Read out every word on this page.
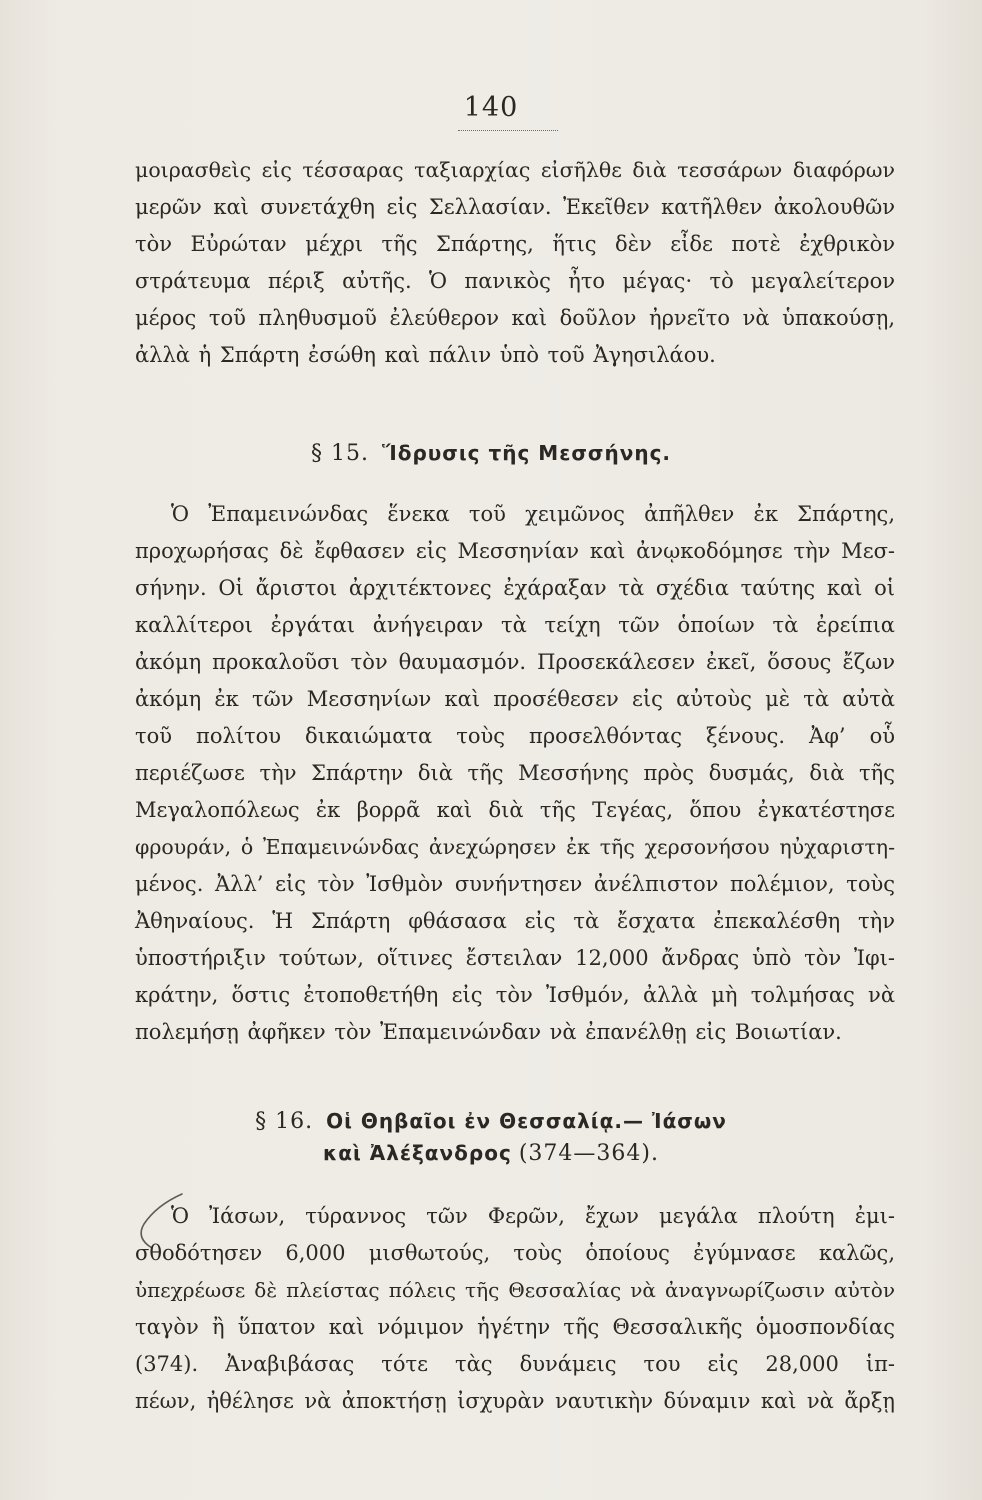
140
μοιρασθεὶς εἰς τέσσαρας ταξιαρχίας εἰσῆλθε διὰ τεσσάρων διαφόρων
μερῶν καὶ συνετάχθη εἰς Σελλασίαν. Ἐκεῖθεν κατῆλθεν ἀκολουθῶν
τὸν Εὐρώταν μέχρι τῆς Σπάρτης, ἥτις δὲν εἶδε ποτὲ ἐχθρικὸν
στράτευμα πέριξ αὐτῆς. Ὁ πανικὸς ἦτο μέγας· τὸ μεγαλείτερον
μέρος τοῦ πληθυσμοῦ ἐλεύθερον καὶ δοῦλον ἠρνεῖτο νὰ ὑπακούσῃ,
ἀλλὰ ἡ Σπάρτη ἐσώθη καὶ πάλιν ὑπὸ τοῦ Ἀγησιλάου.
§ 15. Ἵδρυσις τῆς Μεσσήνης.
Ὁ Ἐπαμεινώνδας ἕνεκα τοῦ χειμῶνος ἀπῆλθεν ἐκ Σπάρτης,
προχωρήσας δὲ ἔφθασεν εἰς Μεσσηνίαν καὶ ἀνῳκοδόμησε τὴν Μεσ-
σήνην. Οἱ ἄριστοι ἀρχιτέκτονες ἐχάραξαν τὰ σχέδια ταύτης καὶ οἱ
καλλίτεροι ἐργάται ἀνήγειραν τὰ τείχη τῶν ὁποίων τὰ ἐρείπια
ἀκόμη προκαλοῦσι τὸν θαυμασμόν. Προσεκάλεσεν ἐκεῖ, ὅσους ἔζων
ἀκόμη ἐκ τῶν Μεσσηνίων καὶ προσέθεσεν εἰς αὐτοὺς μὲ τὰ αὐτὰ
τοῦ πολίτου δικαιώματα τοὺς προσελθόντας ξένους. Ἀφ’ οὗ
περιέζωσε τὴν Σπάρτην διὰ τῆς Μεσσήνης πρὸς δυσμάς, διὰ τῆς
Μεγαλοπόλεως ἐκ βορρᾶ καὶ διὰ τῆς Τεγέας, ὅπου ἐγκατέστησε
φρουράν, ὁ Ἐπαμεινώνδας ἀνεχώρησεν ἐκ τῆς χερσονήσου ηὐχαριστη-
μένος. Ἀλλ’ εἰς τὸν Ἰσθμὸν συνήντησεν ἀνέλπιστον πολέμιον, τοὺς
Ἀθηναίους. Ἡ Σπάρτη φθάσασα εἰς τὰ ἔσχατα ἐπεκαλέσθη τὴν
ὑποστήριξιν τούτων, οἵτινες ἔστειλαν 12,000 ἄνδρας ὑπὸ τὸν Ἰφι-
κράτην, ὅστις ἐτοποθετήθη εἰς τὸν Ἰσθμόν, ἀλλὰ μὴ τολμήσας νὰ
πολεμήσῃ ἀφῆκεν τὸν Ἐπαμεινώνδαν νὰ ἐπανέλθῃ εἰς Βοιωτίαν.
§ 16. Οἱ Θηβαῖοι ἐν Θεσσαλίᾳ.— Ἰάσων
καὶ Ἀλέξανδρος (374—364).
Ὁ Ἰάσων, τύραννος τῶν Φερῶν, ἔχων μεγάλα πλούτη ἐμι-
σθοδότησεν 6,000 μισθωτούς, τοὺς ὁποίους ἐγύμνασε καλῶς,
ὑπεχρέωσε δὲ πλείστας πόλεις τῆς Θεσσαλίας νὰ ἀναγνωρίζωσιν αὐτὸν
ταγὸν ἢ ὕπατον καὶ νόμιμον ἡγέτην τῆς Θεσσαλικῆς ὁμοσπονδίας
(374). Ἀναβιβάσας τότε τὰς δυνάμεις του εἰς 28,000 ἱπ-
πέων, ἠθέλησε νὰ ἀποκτήσῃ ἰσχυρὰν ναυτικὴν δύναμιν καὶ νὰ ἄρξῃ
